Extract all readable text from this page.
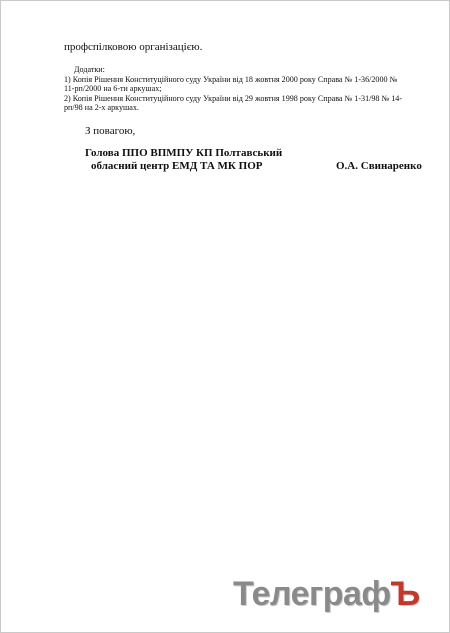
профспілковою організацією.
Додатки:
1) Копія Рішення Конституційного суду України від 18 жовтня 2000 року Справа № 1-36/2000 №
11-рп/2000 на 6-ти аркушах;
2) Копія Рішення Конституційного суду України від 29 жовтня 1998 року Справа № 1-31/98 № 14-
рп/98 на 2-х аркушах.
З повагою,
Голова ППО ВПМПУ КП Полтавський
обласний центр ЕМД ТА МК ПОР	О.А. Свинаренко
Телеграф Ъ
